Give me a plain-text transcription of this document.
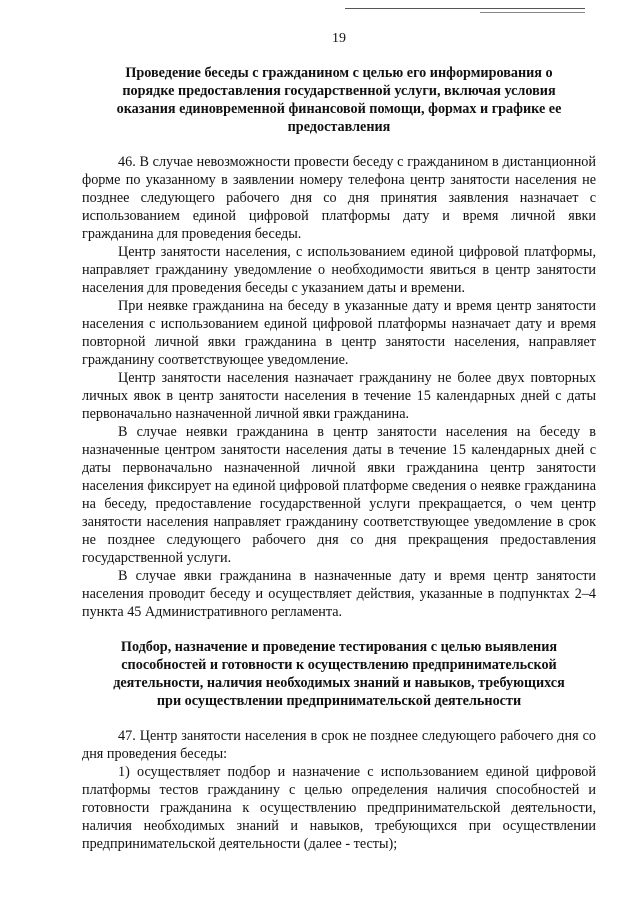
19
Проведение беседы с гражданином с целью его информирования о порядке предоставления государственной услуги, включая условия оказания единовременной финансовой помощи, формах и графике ее предоставления

46. В случае невозможности провести беседу с гражданином в дистанционной форме по указанному в заявлении номеру телефона центр занятости населения не позднее следующего рабочего дня со дня принятия заявления назначает с использованием единой цифровой платформы дату и время личной явки гражданина для проведения беседы.

Центр занятости населения, с использованием единой цифровой платформы, направляет гражданину уведомление о необходимости явиться в центр занятости населения для проведения беседы с указанием даты и времени.

При неявке гражданина на беседу в указанные дату и время центр занятости населения с использованием единой цифровой платформы назначает дату и время повторной личной явки гражданина в центр занятости населения, направляет гражданину соответствующее уведомление.

Центр занятости населения назначает гражданину не более двух повторных личных явок в центр занятости населения в течение 15 календарных дней с даты первоначально назначенной личной явки гражданина.

В случае неявки гражданина в центр занятости населения на беседу в назначенные центром занятости населения даты в течение 15 календарных дней с даты первоначально назначенной личной явки гражданина центр занятости населения фиксирует на единой цифровой платформе сведения о неявке гражданина на беседу, предоставление государственной услуги прекращается, о чем центр занятости населения направляет гражданину соответствующее уведомление в срок не позднее следующего рабочего дня со дня прекращения предоставления государственной услуги.

В случае явки гражданина в назначенные дату и время центр занятости населения проводит беседу и осуществляет действия, указанные в подпунктах 2–4 пункта 45 Административного регламента.

Подбор, назначение и проведение тестирования с целью выявления способностей и готовности к осуществлению предпринимательской деятельности, наличия необходимых знаний и навыков, требующихся при осуществлении предпринимательской деятельности

47. Центр занятости населения в срок не позднее следующего рабочего дня со дня проведения беседы:

1) осуществляет подбор и назначение с использованием единой цифровой платформы тестов гражданину с целью определения наличия способностей и готовности гражданина к осуществлению предпринимательской деятельности, наличия необходимых знаний и навыков, требующихся при осуществлении предпринимательской деятельности (далее - тесты);
